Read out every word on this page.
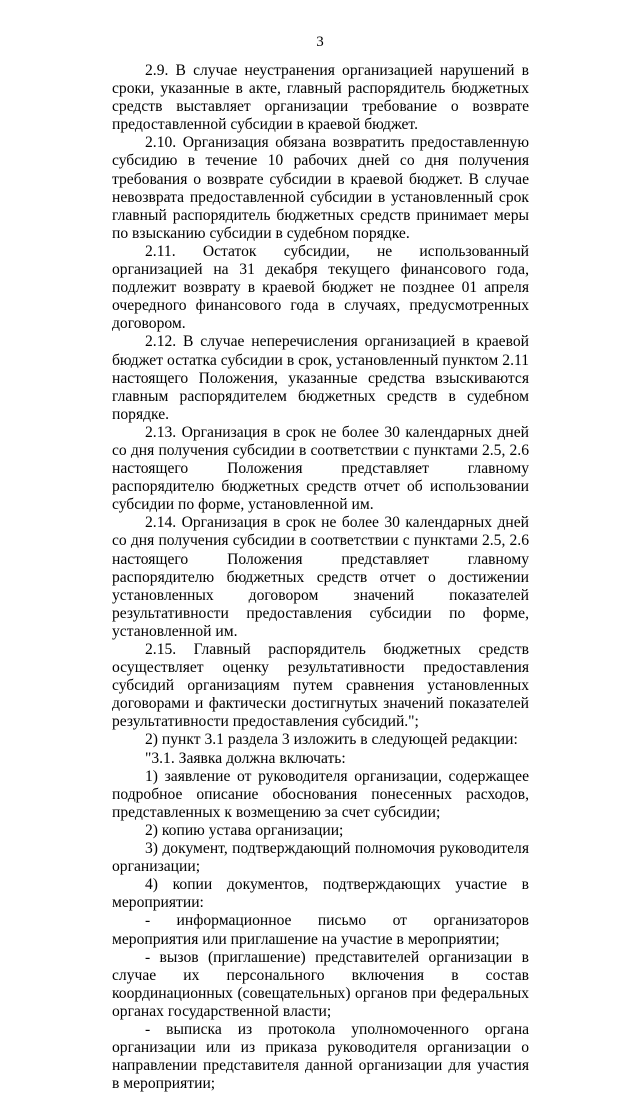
3

2.9. В случае неустранения организацией нарушений в сроки, указанные в акте, главный распорядитель бюджетных средств выставляет организации требование о возврате предоставленной субсидии в краевой бюджет.

2.10. Организация обязана возвратить предоставленную субсидию в течение 10 рабочих дней со дня получения требования о возврате субсидии в краевой бюджет. В случае невозврата предоставленной субсидии в установленный срок главный распорядитель бюджетных средств принимает меры по взысканию субсидии в судебном порядке.

2.11. Остаток субсидии, не использованный организацией на 31 декабря текущего финансового года, подлежит возврату в краевой бюджет не позднее 01 апреля очередного финансового года в случаях, предусмотренных договором.

2.12. В случае неперечисления организацией в краевой бюджет остатка субсидии в срок, установленный пунктом 2.11 настоящего Положения, указанные средства взыскиваются главным распорядителем бюджетных средств в судебном порядке.

2.13. Организация в срок не более 30 календарных дней со дня получения субсидии в соответствии с пунктами 2.5, 2.6 настоящего Положения представляет главному распорядителю бюджетных средств отчет об использовании субсидии по форме, установленной им.

2.14. Организация в срок не более 30 календарных дней со дня получения субсидии в соответствии с пунктами 2.5, 2.6 настоящего Положения представляет главному распорядителю бюджетных средств отчет о достижении установленных договором значений показателей результативности предоставления субсидии по форме, установленной им.

2.15. Главный распорядитель бюджетных средств осуществляет оценку результативности предоставления субсидий организациям путем сравнения установленных договорами и фактически достигнутых значений показателей результативности предоставления субсидий.";

2) пункт 3.1 раздела 3 изложить в следующей редакции:

"3.1. Заявка должна включать:

1) заявление от руководителя организации, содержащее подробное описание обоснования понесенных расходов, представленных к возмещению за счет субсидии;

2) копию устава организации;

3) документ, подтверждающий полномочия руководителя организации;

4) копии документов, подтверждающих участие в мероприятии:

- информационное письмо от организаторов мероприятия или приглашение на участие в мероприятии;

- вызов (приглашение) представителей организации в случае их персонального включения в состав координационных (совещательных) органов при федеральных органах государственной власти;

- выписка из протокола уполномоченного органа организации или из приказа руководителя организации о направлении представителя данной организации для участия в мероприятии;
